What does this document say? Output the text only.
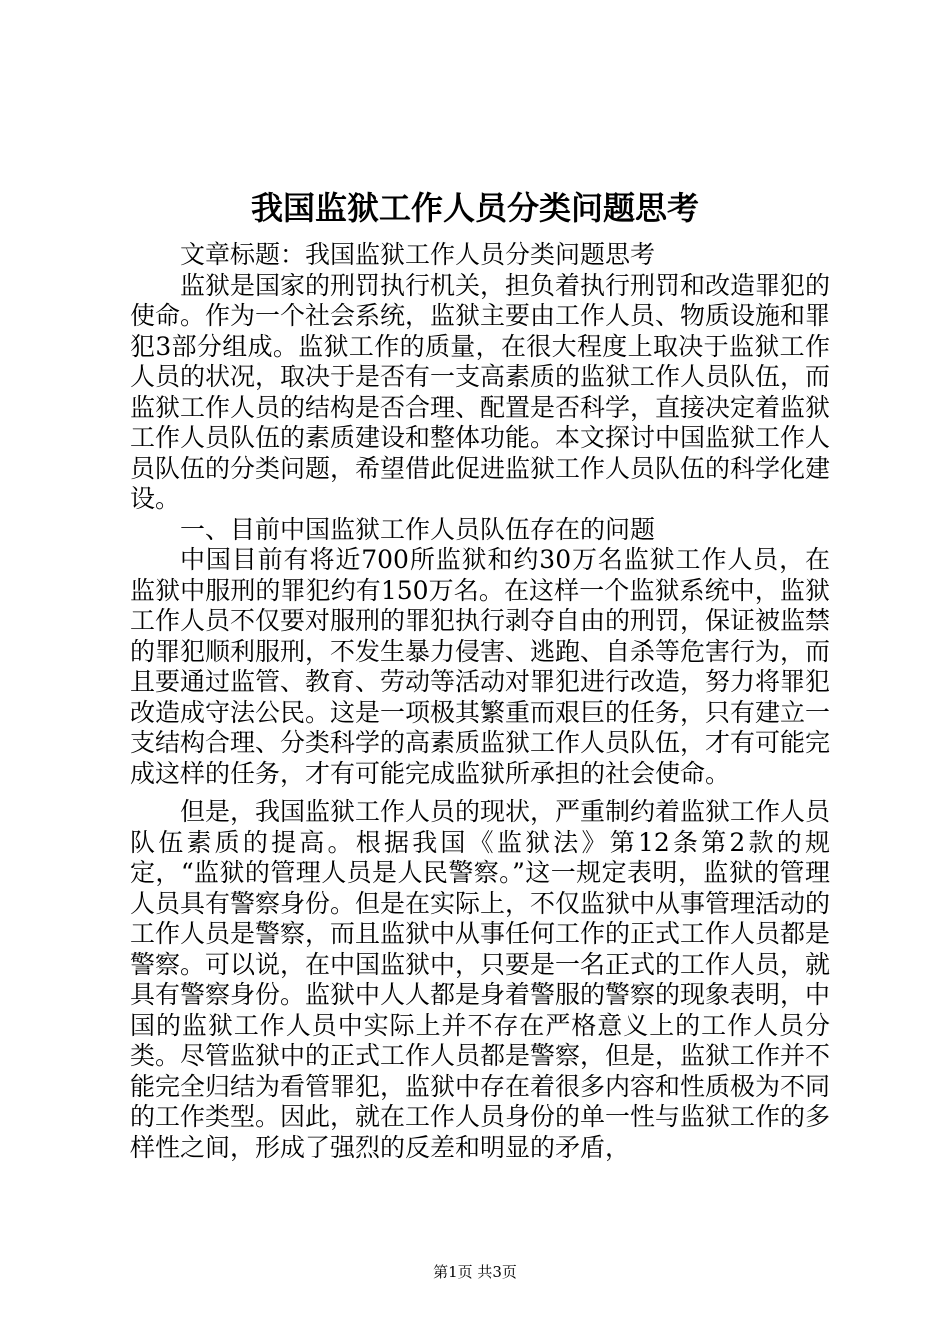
我国监狱工作人员分类问题思考

文章标题：我国监狱工作人员分类问题思考

监狱是国家的刑罚执行机关，担负着执行刑罚和改造罪犯的使命。作为一个社会系统，监狱主要由工作人员、物质设施和罪犯3部分组成。监狱工作的质量，在很大程度上取决于监狱工作人员的状况，取决于是否有一支高素质的监狱工作人员队伍，而监狱工作人员的结构是否合理、配置是否科学，直接决定着监狱工作人员队伍的素质建设和整体功能。本文探讨中国监狱工作人员队伍的分类问题，希望借此促进监狱工作人员队伍的科学化建设。

一、目前中国监狱工作人员队伍存在的问题

中国目前有将近700所监狱和约30万名监狱工作人员，在监狱中服刑的罪犯约有150万名。在这样一个监狱系统中，监狱工作人员不仅要对服刑的罪犯执行剥夺自由的刑罚，保证被监禁的罪犯顺利服刑，不发生暴力侵害、逃跑、自杀等危害行为，而且要通过监管、教育、劳动等活动对罪犯进行改造，努力将罪犯改造成守法公民。这是一项极其繁重而艰巨的任务，只有建立一支结构合理、分类科学的高素质监狱工作人员队伍，才有可能完成这样的任务，才有可能完成监狱所承担的社会使命。

但是，我国监狱工作人员的现状，严重制约着监狱工作人员队伍素质的提高。根据我国《监狱法》第12条第2款的规定，“监狱的管理人员是人民警察。”这一规定表明，监狱的管理人员具有警察身份。但是在实际上，不仅监狱中从事管理活动的工作人员是警察，而且监狱中从事任何工作的正式工作人员都是警察。可以说，在中国监狱中，只要是一名正式的工作人员，就具有警察身份。监狱中人人都是身着警服的警察的现象表明，中国的监狱工作人员中实际上并不存在严格意义上的工作人员分类。尽管监狱中的正式工作人员都是警察，但是，监狱工作并不能完全归结为看管罪犯，监狱中存在着很多内容和性质极为不同的工作类型。因此，就在工作人员身份的单一性与监狱工作的多样性之间，形成了强烈的反差和明显的矛盾，

第1页 共3页
